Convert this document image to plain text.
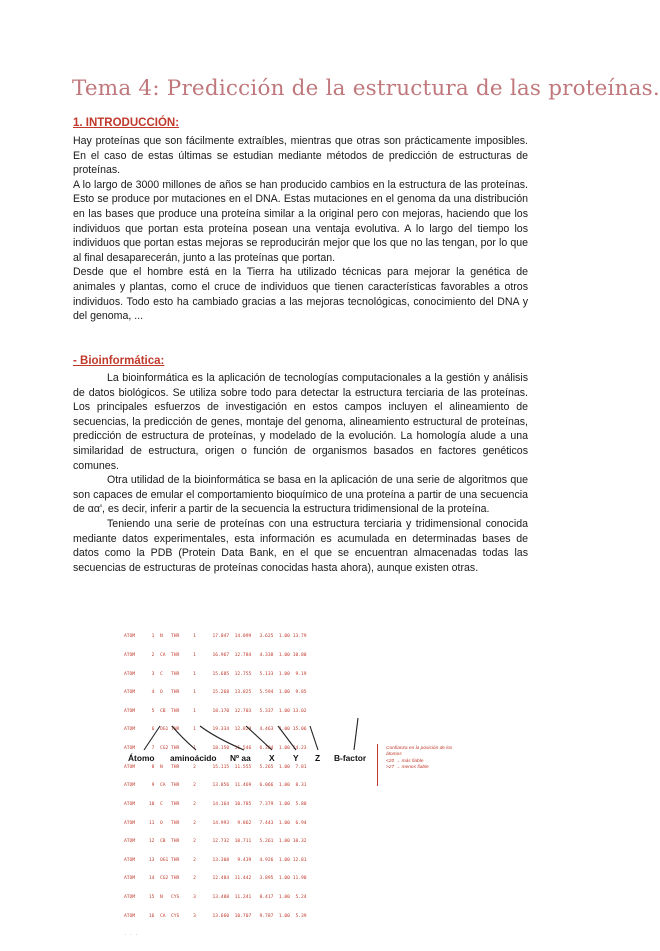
Tema 4: Predicción de la estructura de las proteínas.
1. INTRODUCCIÓN:

Hay proteínas que son fácilmente extraíbles, mientras que otras son prácticamente imposibles. En el caso de estas últimas se estudian mediante métodos de predicción de estructuras de proteínas.

A lo largo de 3000 millones de años se han producido cambios en la estructura de las proteínas. Esto se produce por mutaciones en el DNA. Estas mutaciones en el genoma da una distribución en las bases que produce una proteína similar a la original pero con mejoras, haciendo que los individuos que portan esta proteína posean una ventaja evolutiva. A lo largo del tiempo los individuos que portan estas mejoras se reproducirán mejor que los que no las tengan, por lo que al final desaparecerán, junto a las proteínas que portan.

Desde que el hombre está en la Tierra ha utilizado técnicas para mejorar la genética de animales y plantas, como el cruce de individuos que tienen características favorables a otros individuos. Todo esto ha cambiado gracias a las mejoras tecnológicas, conocimiento del DNA y del genoma, ...

- Bioinformática:

La bioinformática es la aplicación de tecnologías computacionales a la gestión y análisis de datos biológicos. Se utiliza sobre todo para detectar la estructura terciaria de las proteínas. Los principales esfuerzos de investigación en estos campos incluyen el alineamiento de secuencias, la predicción de genes, montaje del genoma, alineamiento estructural de proteínas, predicción de estructura de proteínas, y modelado de la evolución. La homología alude a una similaridad de estructura, origen o función de organismos basados en factores genéticos comunes.

Otra utilidad de la bioinformática se basa en la aplicación de una serie de algoritmos que son capaces de emular el comportamiento bioquímico de una proteína a partir de una secuencia de αα', es decir, inferir a partir de la secuencia la estructura tridimensional de la proteína.

Teniendo una serie de proteínas con una estructura terciaria y tridimensional conocida mediante datos experimentales, esta información es acumulada en determinadas bases de datos como la PDB (Protein Data Bank, en el que se encuentran almacenadas todas las secuencias de estructuras de proteínas conocidas hasta ahora), aunque existen otras.

ATOM      1  N   THR     1      17.047  14.099   3.625  1.00 13.79

ATOM      2  CA  THR     1      16.967  12.784   4.338  1.00 10.80

ATOM      3  C   THR     1      15.685  12.755   5.133  1.00  9.19

ATOM      4  O   THR     1      15.268  13.825   5.594  1.00  9.85

ATOM      5  CB  THR     1      18.170  12.703   5.337  1.00 13.02

ATOM      6  OG1 THR     1      19.334  12.829   4.463  1.00 15.06

ATOM      7  CG2 THR     1      18.150  11.546   6.304  1.00 14.23

ATOM      8  N   THR     2      15.115  11.555   5.265  1.00  7.81

ATOM      9  CA  THR     2      13.856  11.469   6.066  1.00  8.31

ATOM     10  C   THR     2      14.164  10.785   7.379  1.00  5.80

ATOM     11  O   THR     2      14.993   9.862   7.443  1.00  6.94

ATOM     12  CB  THR     2      12.732  10.711   5.261  1.00 10.32

ATOM     13  OG1 THR     2      13.308   9.439   4.926  1.00 12.81

ATOM     14  CG2 THR     2      12.484  11.442   3.895  1.00 11.90

ATOM     15  N   CYS     3      13.488  11.241   8.417  1.00  5.24

ATOM     16  CA  CYS     3      13.660  10.707   9.787  1.00  5.39

. . .

Átomo aminoácido Nº aa X Y Z B-factor
Confianza en la posición de los
átomos
<20 → más fiable
>27 → menos fiable
